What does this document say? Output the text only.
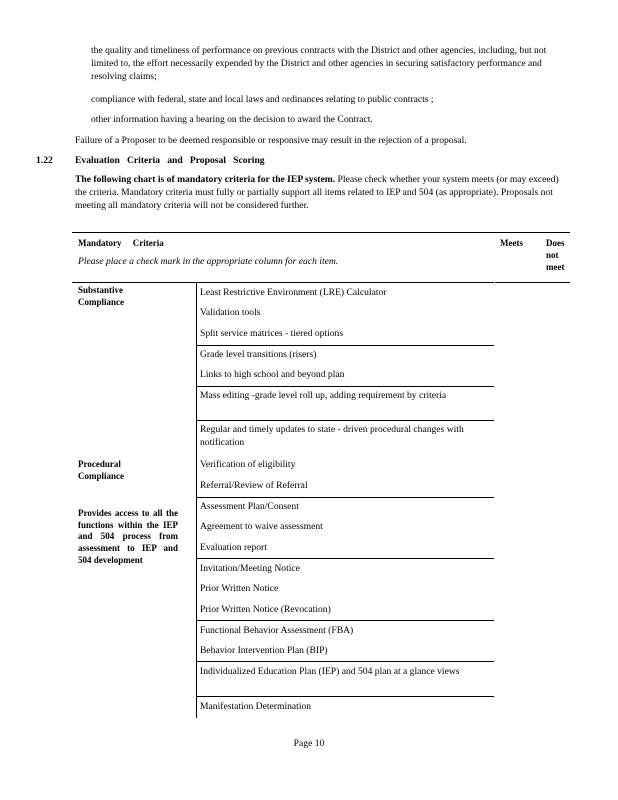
the quality and timeliness of performance on previous contracts with the District and other agencies, including, but not limited to, the effort necessarily expended by the District and other agencies in securing satisfactory performance and resolving claims;
compliance with federal, state and local laws and ordinances relating to public contracts ;
other information having a bearing on the decision to award the Contract.
Failure of a Proposer to be deemed responsible or responsive may result in the rejection of a proposal.
1.22 Evaluation   Criteria   and   Proposal   Scoring
The following chart is of mandatory criteria for the IEP system. Please check whether your system meets (or may exceed) the criteria. Mandatory criteria must fully or partially support all items related to IEP and 504 (as appropriate). Proposals not meeting all mandatory criteria will not be considered further.
Mandatory     Criteria
Please place a check mark in the appropriate column for each item.
Meets	Does not meet
Substantive Compliance
Procedural Compliance
Provides access to all the functions within the IEP and 504 process from assessment to IEP and 504 development
Least Restrictive Environment (LRE) Calculator
Validation tools
Split service matrices - tiered options
Grade level transitions (risers)
Links to high school and beyond plan
Mass editing -grade level roll up, adding requirement by criteria
Regular and timely updates to state - driven procedural changes with notification
Verification of eligibility
Referral/Review of Referral
Assessment Plan/Consent
Agreement to waive assessment
Evaluation report
Invitation/Meeting Notice
Prior Written Notice
Prior Written Notice (Revocation)
Functional Behavior Assessment (FBA)
Behavior Intervention Plan (BIP)
Individualized Education Plan (IEP) and 504 plan at a glance views
Manifestation Determination
Page 10
